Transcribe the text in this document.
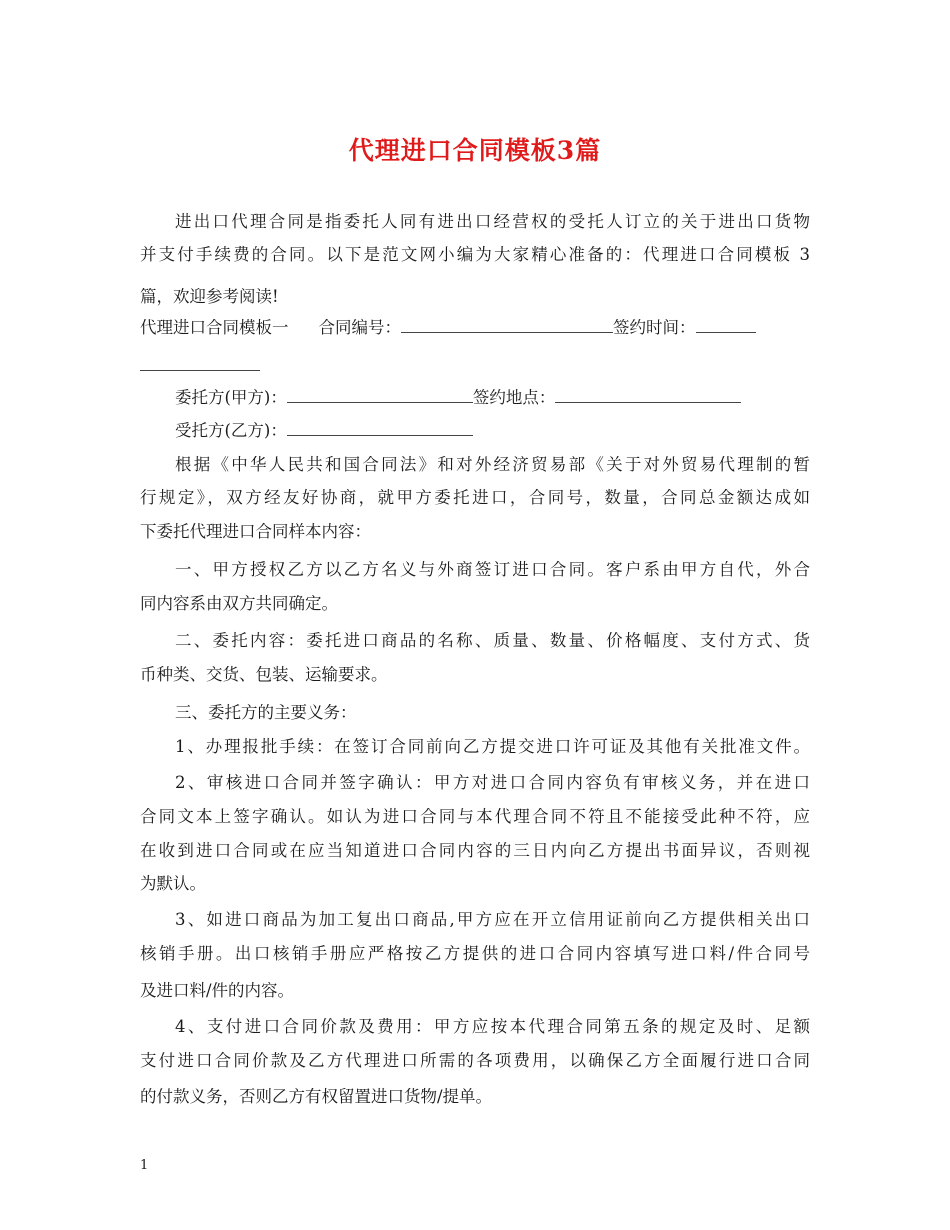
代理进口合同模板3篇
进出口代理合同是指委托人同有进出口经营权的受托人订立的关于进出口货物
并支付手续费的合同。以下是范文网小编为大家精心准备的：代理进口合同模板 3
篇，欢迎参考阅读!
代理进口合同模板一 合同编号：	签约时间：
委托方(甲方)：	签约地点：
受托方(乙方)：
根据《中华人民共和国合同法》和对外经济贸易部《关于对外贸易代理制的暂
行规定》，双方经友好协商，就甲方委托进口，合同号，数量，合同总金额达成如
下委托代理进口合同样本内容：
一、甲方授权乙方以乙方名义与外商签订进口合同。客户系由甲方自代，外合
同内容系由双方共同确定。
二、委托内容：委托进口商品的名称、质量、数量、价格幅度、支付方式、货
币种类、交货、包装、运输要求。
三、委托方的主要义务：
1、办理报批手续：在签订合同前向乙方提交进口许可证及其他有关批准文件。
2、审核进口合同并签字确认：甲方对进口合同内容负有审核义务，并在进口
合同文本上签字确认。如认为进口合同与本代理合同不符且不能接受此种不符，应
在收到进口合同或在应当知道进口合同内容的三日内向乙方提出书面异议，否则视
为默认。
3、如进口商品为加工复出口商品,甲方应在开立信用证前向乙方提供相关出口
核销手册。出口核销手册应严格按乙方提供的进口合同内容填写进口料/件合同号
及进口料/件的内容。
4、支付进口合同价款及费用：甲方应按本代理合同第五条的规定及时、足额
支付进口合同价款及乙方代理进口所需的各项费用，以确保乙方全面履行进口合同
的付款义务，否则乙方有权留置进口货物/提单。
1
